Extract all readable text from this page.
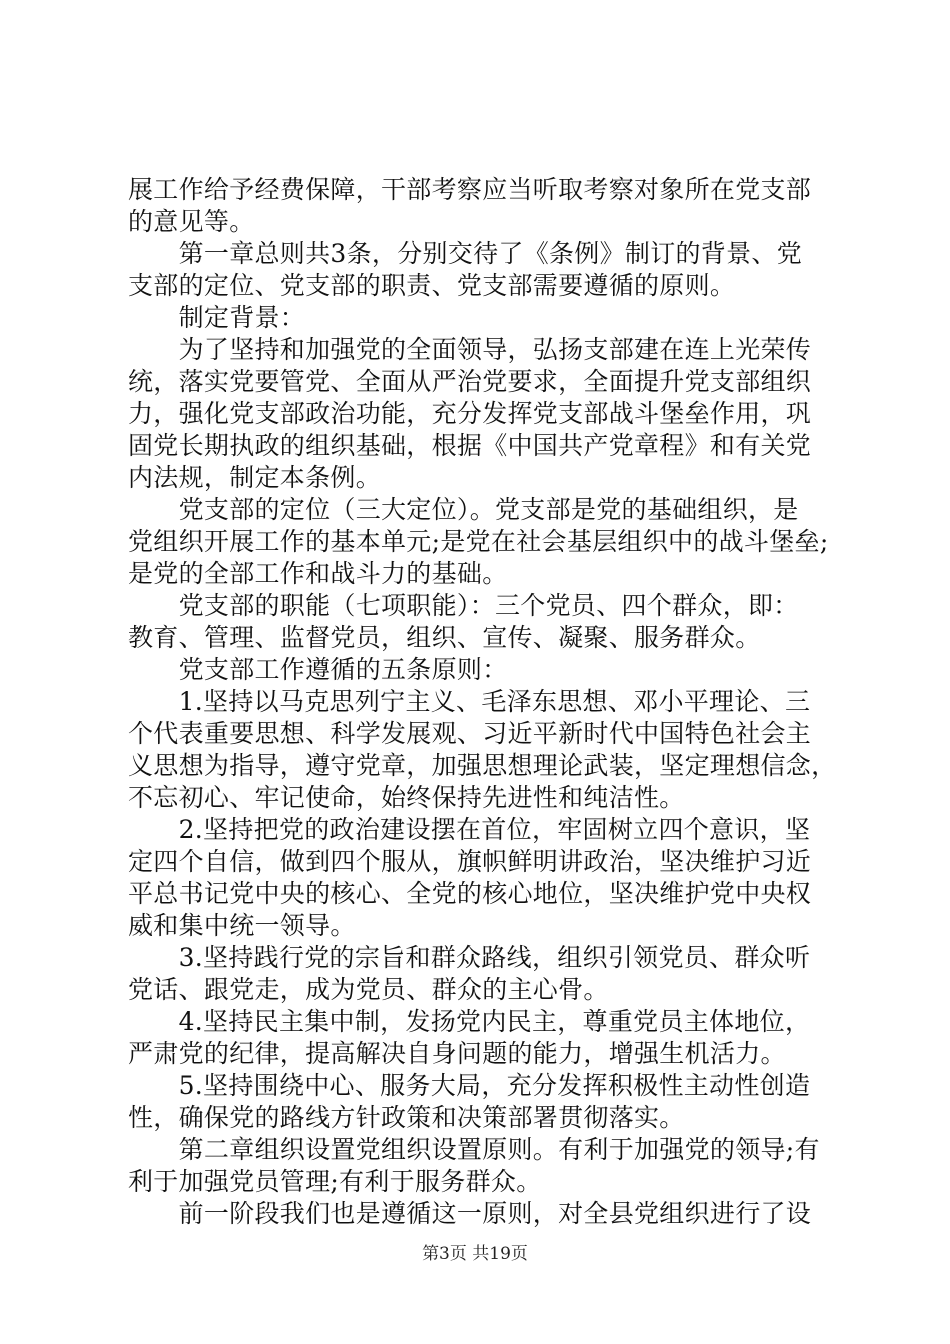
展工作给予经费保障，干部考察应当听取考察对象所在党支部
的意见等。
　　第一章总则共3条，分别交待了《条例》制订的背景、党
支部的定位、党支部的职责、党支部需要遵循的原则。
　　制定背景：
　　为了坚持和加强党的全面领导，弘扬支部建在连上光荣传
统，落实党要管党、全面从严治党要求，全面提升党支部组织
力，强化党支部政治功能，充分发挥党支部战斗堡垒作用，巩
固党长期执政的组织基础，根据《中国共产党章程》和有关党
内法规，制定本条例。
　　党支部的定位（三大定位）。党支部是党的基础组织，是
党组织开展工作的基本单元;是党在社会基层组织中的战斗堡垒;
是党的全部工作和战斗力的基础。
　　党支部的职能（七项职能）：三个党员、四个群众，即：
教育、管理、监督党员，组织、宣传、凝聚、服务群众。
　　党支部工作遵循的五条原则：
　　1.坚持以马克思列宁主义、毛泽东思想、邓小平理论、三
个代表重要思想、科学发展观、习近平新时代中国特色社会主
义思想为指导，遵守党章，加强思想理论武装，坚定理想信念，
不忘初心、牢记使命，始终保持先进性和纯洁性。
　　2.坚持把党的政治建设摆在首位，牢固树立四个意识，坚
定四个自信，做到四个服从，旗帜鲜明讲政治，坚决维护习近
平总书记党中央的核心、全党的核心地位，坚决维护党中央权
威和集中统一领导。
　　3.坚持践行党的宗旨和群众路线，组织引领党员、群众听
党话、跟党走，成为党员、群众的主心骨。
　　4.坚持民主集中制，发扬党内民主，尊重党员主体地位，
严肃党的纪律，提高解决自身问题的能力，增强生机活力。
　　5.坚持围绕中心、服务大局，充分发挥积极性主动性创造
性，确保党的路线方针政策和决策部署贯彻落实。
　　第二章组织设置党组织设置原则。有利于加强党的领导;有
利于加强党员管理;有利于服务群众。
　　前一阶段我们也是遵循这一原则，对全县党组织进行了设
第3页 共19页
